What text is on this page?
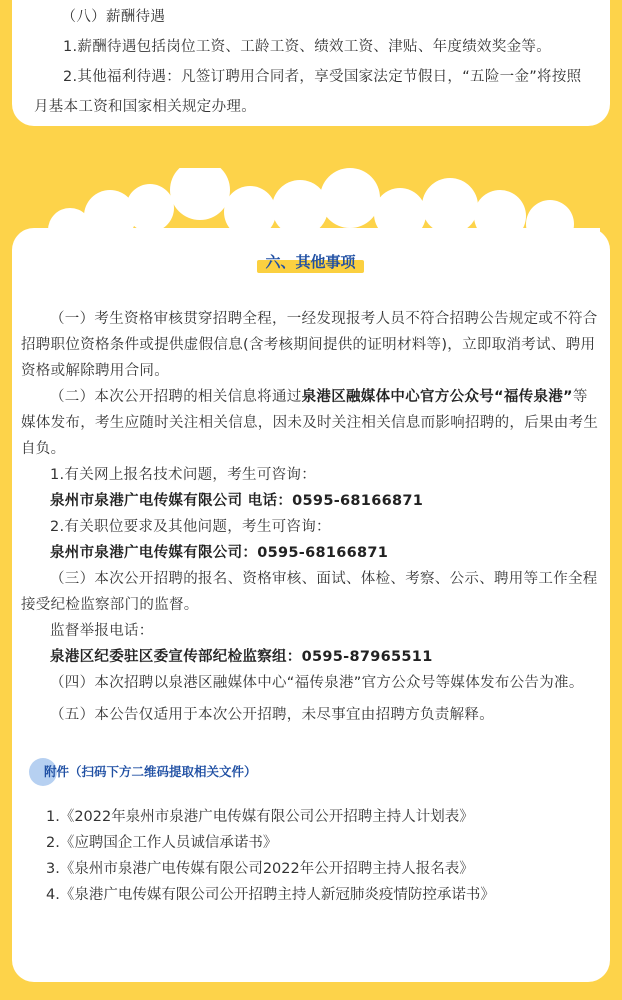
（八）薪酬待遇
1.薪酬待遇包括岗位工资、工龄工资、绩效工资、津贴、年度绩效奖金等。
2.其他福利待遇：凡签订聘用合同者，享受国家法定节假日，“五险一金”将按照
月基本工资和国家相关规定办理。
六、其他事项
（一）考生资格审核贯穿招聘全程，一经发现报考人员不符合招聘公告规定或不符合招聘职位资格条件或提供虚假信息(含考核期间提供的证明材料等)，立即取消考试、聘用资格或解除聘用合同。
（二）本次公开招聘的相关信息将通过泉港区融媒体中心官方公众号“福传泉港”等媒体发布，考生应随时关注相关信息，因未及时关注相关信息而影响招聘的，后果由考生自负。
1.有关网上报名技术问题，考生可咨询：
泉州市泉港广电传媒有限公司 电话：0595-68166871
2.有关职位要求及其他问题，考生可咨询：
泉州市泉港广电传媒有限公司：0595-68166871
（三）本次公开招聘的报名、资格审核、面试、体检、考察、公示、聘用等工作全程接受纪检监察部门的监督。
监督举报电话：
泉港区纪委驻区委宣传部纪检监察组：0595-87965511
（四）本次招聘以泉港区融媒体中心“福传泉港”官方公众号等媒体发布公告为准。
（五）本公告仅适用于本次公开招聘，未尽事宜由招聘方负责解释。
附件（扫码下方二维码提取相关文件）
1.《2022年泉州市泉港广电传媒有限公司公开招聘主持人计划表》
2.《应聘国企工作人员诚信承诺书》
3.《泉州市泉港广电传媒有限公司2022年公开招聘主持人报名表》
4.《泉港广电传媒有限公司公开招聘主持人新冠肺炎疫情防控承诺书》
